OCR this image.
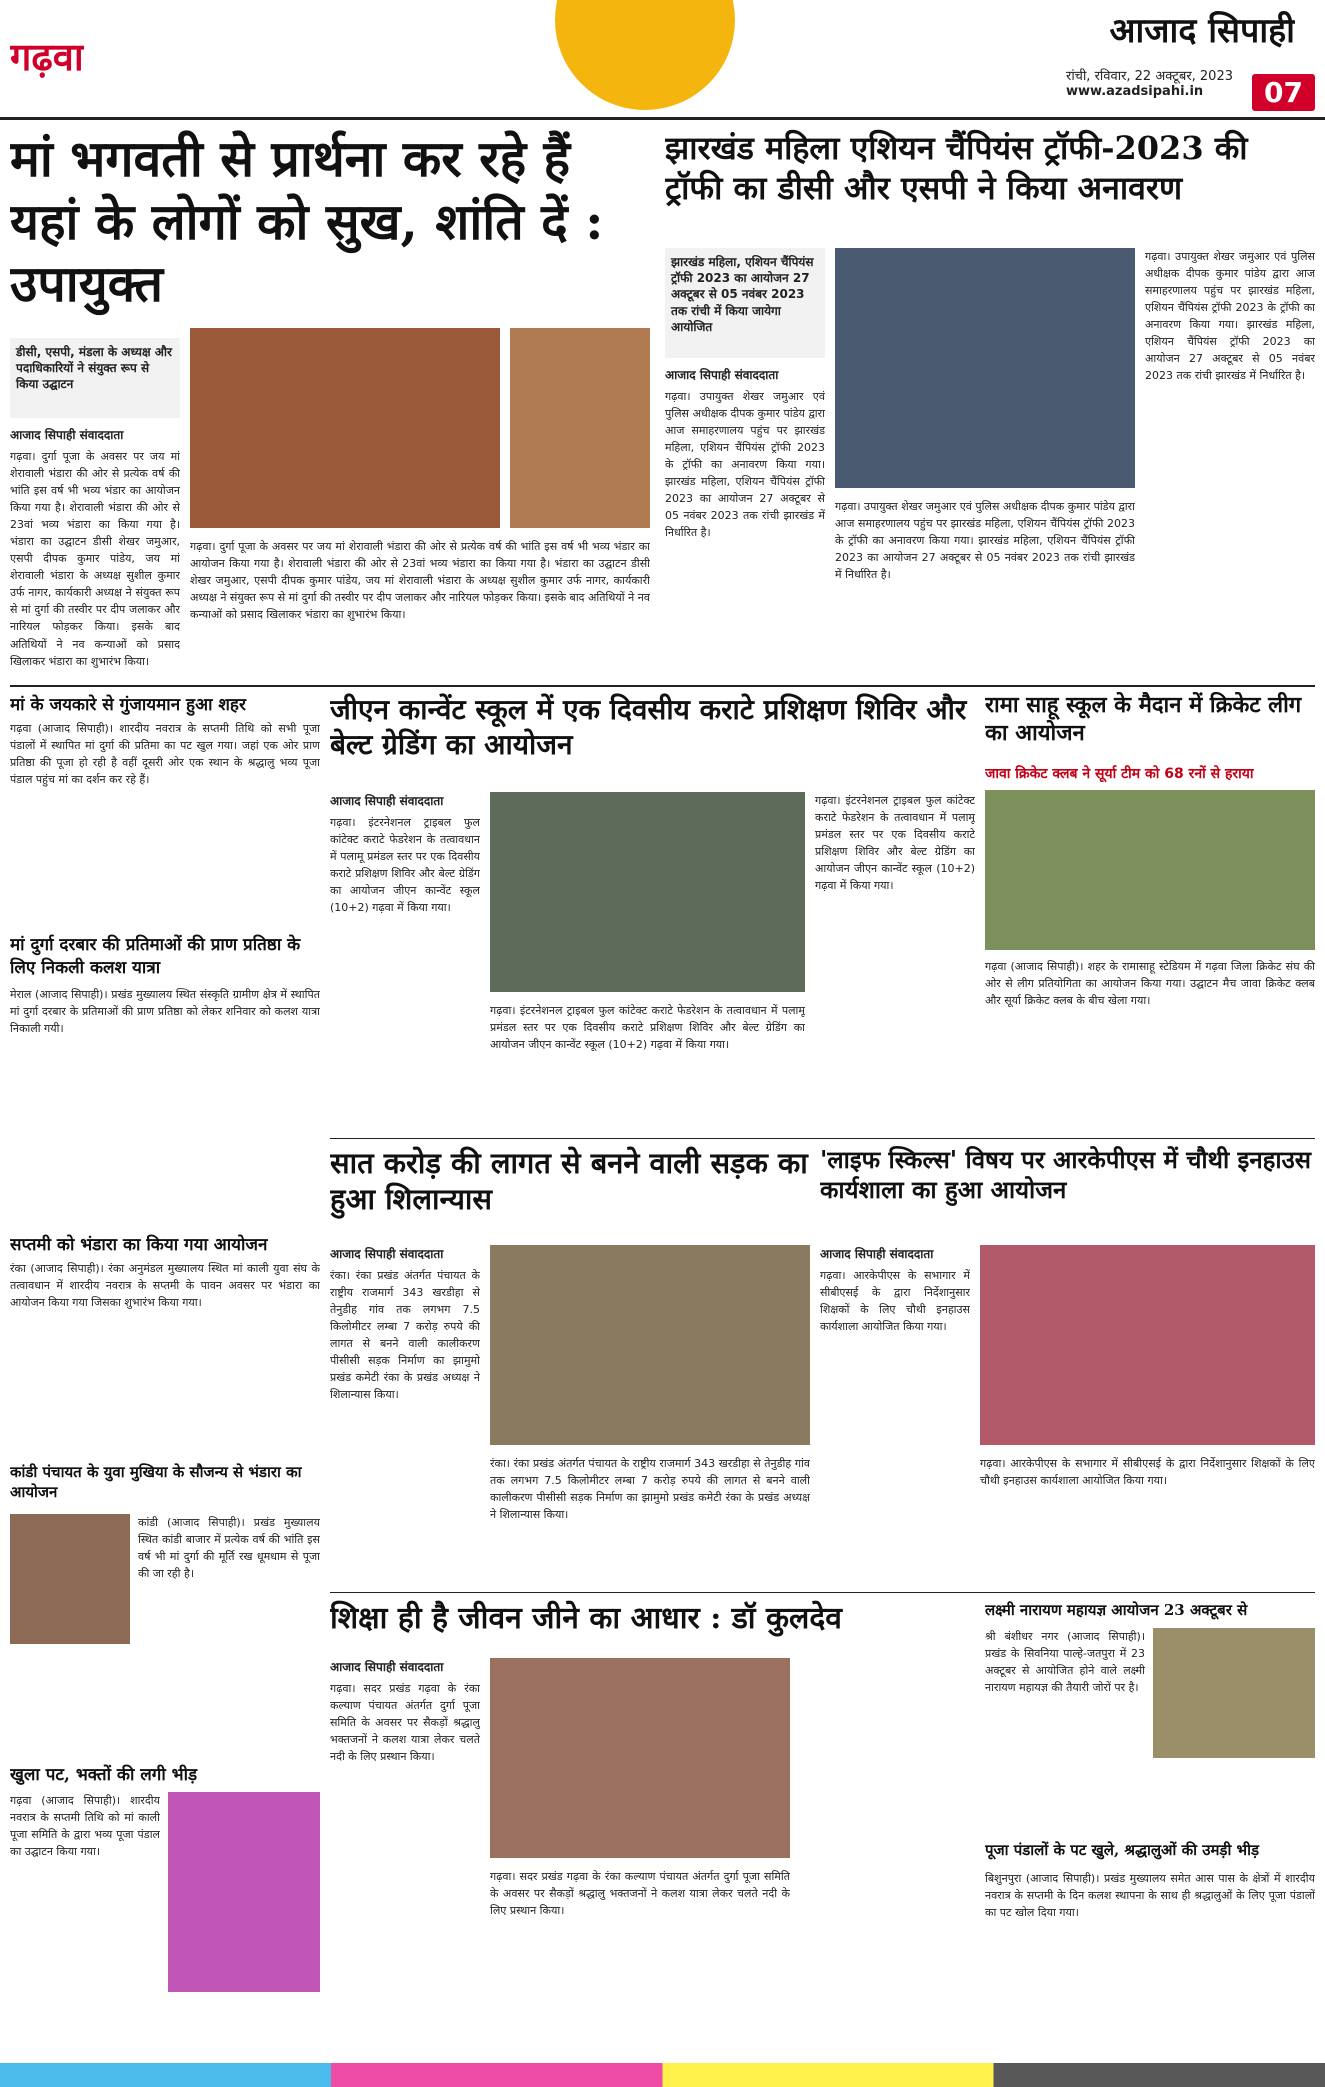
गढ़वा
आजाद सिपाही
रांची, रविवार, 22 अक्टूबर, 2023
www.azadsipahi.in	07
मां भगवती से प्रार्थना कर रहे हैं यहां के लोगों को सुख, शांति दें : उपायुक्त
डीसी, एसपी, मंडला के अध्यक्ष और पदाधिकारियों ने संयुक्त रूप से किया उद्घाटन
आजाद सिपाही संवाददाता
गढ़वा। दुर्गा पूजा के अवसर पर जय मां शेरावाली भंडारा की ओर से प्रत्येक वर्ष की भांति इस वर्ष भी भव्य भंडार का आयोजन किया गया है। शेरावाली भंडारा की ओर से 23वां भव्य भंडारा का किया गया है। भंडारा का उद्घाटन डीसी शेखर जमुआर, एसपी दीपक कुमार पांडेय, जय मां शेरावाली भंडारा के अध्यक्ष सुशील कुमार उर्फ नागर, कार्यकारी अध्यक्ष ने संयुक्त रूप से मां दुर्गा की तस्वीर पर दीप जलाकर और नारियल फोड़कर किया। इसके बाद अतिथियों ने नव कन्याओं को प्रसाद खिलाकर भंडारा का शुभारंभ किया।
गढ़वा। दुर्गा पूजा के अवसर पर जय मां शेरावाली भंडारा की ओर से प्रत्येक वर्ष की भांति इस वर्ष भी भव्य भंडार का आयोजन किया गया है। शेरावाली भंडारा की ओर से 23वां भव्य भंडारा का किया गया है। भंडारा का उद्घाटन डीसी शेखर जमुआर, एसपी दीपक कुमार पांडेय, जय मां शेरावाली भंडारा के अध्यक्ष सुशील कुमार उर्फ नागर, कार्यकारी अध्यक्ष ने संयुक्त रूप से मां दुर्गा की तस्वीर पर दीप जलाकर और नारियल फोड़कर किया। इसके बाद अतिथियों ने नव कन्याओं को प्रसाद खिलाकर भंडारा का शुभारंभ किया।
झारखंड महिला एशियन चैंपियंस ट्रॉफी-2023 की ट्रॉफी का डीसी और एसपी ने किया अनावरण
झारखंड महिला, एशियन चैंपियंस ट्रॉफी 2023 का आयोजन 27 अक्टूबर से 05 नवंबर 2023 तक रांची में किया जायेगा आयोजित
आजाद सिपाही संवाददाता
गढ़वा। उपायुक्त शेखर जमुआर एवं पुलिस अधीक्षक दीपक कुमार पांडेय द्वारा आज समाहरणालय पहुंच पर झारखंड महिला, एशियन चैंपियंस ट्रॉफी 2023 के ट्रॉफी का अनावरण किया गया। झारखंड महिला, एशियन चैंपियंस ट्रॉफी 2023 का आयोजन 27 अक्टूबर से 05 नवंबर 2023 तक रांची झारखंड में निर्धारित है।
गढ़वा। उपायुक्त शेखर जमुआर एवं पुलिस अधीक्षक दीपक कुमार पांडेय द्वारा आज समाहरणालय पहुंच पर झारखंड महिला, एशियन चैंपियंस ट्रॉफी 2023 के ट्रॉफी का अनावरण किया गया। झारखंड महिला, एशियन चैंपियंस ट्रॉफी 2023 का आयोजन 27 अक्टूबर से 05 नवंबर 2023 तक रांची झारखंड में निर्धारित है।
गढ़वा। उपायुक्त शेखर जमुआर एवं पुलिस अधीक्षक दीपक कुमार पांडेय द्वारा आज समाहरणालय पहुंच पर झारखंड महिला, एशियन चैंपियंस ट्रॉफी 2023 के ट्रॉफी का अनावरण किया गया। झारखंड महिला, एशियन चैंपियंस ट्रॉफी 2023 का आयोजन 27 अक्टूबर से 05 नवंबर 2023 तक रांची झारखंड में निर्धारित है।
मां के जयकारे से गुंजायमान हुआ शहर
गढ़वा (आजाद सिपाही)। शारदीय नवरात्र के सप्तमी तिथि को सभी पूजा पंडालों में स्थापित मां दुर्गा की प्रतिमा का पट खुल गया। जहां एक ओर प्राण प्रतिष्ठा की पूजा हो रही है वहीं दूसरी ओर एक स्थान के श्रद्धालु भव्य पूजा पंडाल पहुंच मां का दर्शन कर रहे हैं।
मां दुर्गा दरबार की प्रतिमाओं की प्राण प्रतिष्ठा के लिए निकली कलश यात्रा
मेराल (आजाद सिपाही)। प्रखंड मुख्यालय स्थित संस्कृति ग्रामीण क्षेत्र में स्थापित मां दुर्गा दरबार के प्रतिमाओं की प्राण प्रतिष्ठा को लेकर शनिवार को कलश यात्रा निकाली गयी।
सप्तमी को भंडारा का किया गया आयोजन
रंका (आजाद सिपाही)। रंका अनुमंडल मुख्यालय स्थित मां काली युवा संघ के तत्वावधान में शारदीय नवरात्र के सप्तमी के पावन अवसर पर भंडारा का आयोजन किया गया जिसका शुभारंभ किया गया।
कांडी पंचायत के युवा मुखिया के सौजन्य से भंडारा का आयोजन
कांडी (आजाद सिपाही)। प्रखंड मुख्यालय स्थित कांडी बाजार में प्रत्येक वर्ष की भांति इस वर्ष भी मां दुर्गा की मूर्ति रख धूमधाम से पूजा की जा रही है।
खुला पट, भक्तों की लगी भीड़
गढ़वा (आजाद सिपाही)। शारदीय नवरात्र के सप्तमी तिथि को मां काली पूजा समिति के द्वारा भव्य पूजा पंडाल का उद्घाटन किया गया।
जीएन कान्वेंट स्कूल में एक दिवसीय कराटे प्रशिक्षण शिविर और बेल्ट ग्रेडिंग का आयोजन
आजाद सिपाही संवाददाता
गढ़वा। इंटरनेशनल ट्राइबल फुल कांटेक्ट कराटे फेडरेशन के तत्वावधान में पलामू प्रमंडल स्तर पर एक दिवसीय कराटे प्रशिक्षण शिविर और बेल्ट ग्रेडिंग का आयोजन जीएन कान्वेंट स्कूल (10+2) गढ़वा में किया गया।
गढ़वा। इंटरनेशनल ट्राइबल फुल कांटेक्ट कराटे फेडरेशन के तत्वावधान में पलामू प्रमंडल स्तर पर एक दिवसीय कराटे प्रशिक्षण शिविर और बेल्ट ग्रेडिंग का आयोजन जीएन कान्वेंट स्कूल (10+2) गढ़वा में किया गया।
गढ़वा। इंटरनेशनल ट्राइबल फुल कांटेक्ट कराटे फेडरेशन के तत्वावधान में पलामू प्रमंडल स्तर पर एक दिवसीय कराटे प्रशिक्षण शिविर और बेल्ट ग्रेडिंग का आयोजन जीएन कान्वेंट स्कूल (10+2) गढ़वा में किया गया।
रामा साहू स्कूल के मैदान में क्रिकेट लीग का आयोजन
जावा क्रिकेट क्लब ने सूर्या टीम को 68 रनों से हराया
गढ़वा (आजाद सिपाही)। शहर के रामासाहू स्टेडियम में गढ़वा जिला क्रिकेट संघ की ओर से लीग प्रतियोगिता का आयोजन किया गया। उद्घाटन मैच जावा क्रिकेट क्लब और सूर्या क्रिकेट क्लब के बीच खेला गया।
सात करोड़ की लागत से बनने वाली सड़क का हुआ शिलान्यास
आजाद सिपाही संवाददाता
रंका। रंका प्रखंड अंतर्गत पंचायत के राष्ट्रीय राजमार्ग 343 खरडीहा से तेनुडीह गांव तक लगभग 7.5 किलोमीटर लम्बा 7 करोड़ रुपये की लागत से बनने वाली कालीकरण पीसीसी सड़क निर्माण का झामुमो प्रखंड कमेटी रंका के प्रखंड अध्यक्ष ने शिलान्यास किया।
रंका। रंका प्रखंड अंतर्गत पंचायत के राष्ट्रीय राजमार्ग 343 खरडीहा से तेनुडीह गांव तक लगभग 7.5 किलोमीटर लम्बा 7 करोड़ रुपये की लागत से बनने वाली कालीकरण पीसीसी सड़क निर्माण का झामुमो प्रखंड कमेटी रंका के प्रखंड अध्यक्ष ने शिलान्यास किया।
'लाइफ स्किल्स' विषय पर आरकेपीएस में चौथी इनहाउस कार्यशाला का हुआ आयोजन
आजाद सिपाही संवाददाता
गढ़वा। आरकेपीएस के सभागार में सीबीएसई के द्वारा निर्देशानुसार शिक्षकों के लिए चौथी इनहाउस कार्यशाला आयोजित किया गया।
गढ़वा। आरकेपीएस के सभागार में सीबीएसई के द्वारा निर्देशानुसार शिक्षकों के लिए चौथी इनहाउस कार्यशाला आयोजित किया गया।
शिक्षा ही है जीवन जीने का आधार : डॉ कुलदेव
आजाद सिपाही संवाददाता
गढ़वा। सदर प्रखंड गढ़वा के रंका कल्याण पंचायत अंतर्गत दुर्गा पूजा समिति के अवसर पर सैकड़ों श्रद्धालु भक्तजनों ने कलश यात्रा लेकर चलते नदी के लिए प्रस्थान किया।
गढ़वा। सदर प्रखंड गढ़वा के रंका कल्याण पंचायत अंतर्गत दुर्गा पूजा समिति के अवसर पर सैकड़ों श्रद्धालु भक्तजनों ने कलश यात्रा लेकर चलते नदी के लिए प्रस्थान किया।
लक्ष्मी नारायण महायज्ञ आयोजन 23 अक्टूबर से
श्री बंशीधर नगर (आजाद सिपाही)। प्रखंड के सिवनिया पाल्हे-जतपुरा में 23 अक्टूबर से आयोजित होने वाले लक्ष्मी नारायण महायज्ञ की तैयारी जोरों पर है।
पूजा पंडालों के पट खुले, श्रद्धालुओं की उमड़ी भीड़
बिशुनपुरा (आजाद सिपाही)। प्रखंड मुख्यालय समेत आस पास के क्षेत्रों में शारदीय नवरात्र के सप्तमी के दिन कलश स्थापना के साथ ही श्रद्धालुओं के लिए पूजा पंडालों का पट खोल दिया गया।
